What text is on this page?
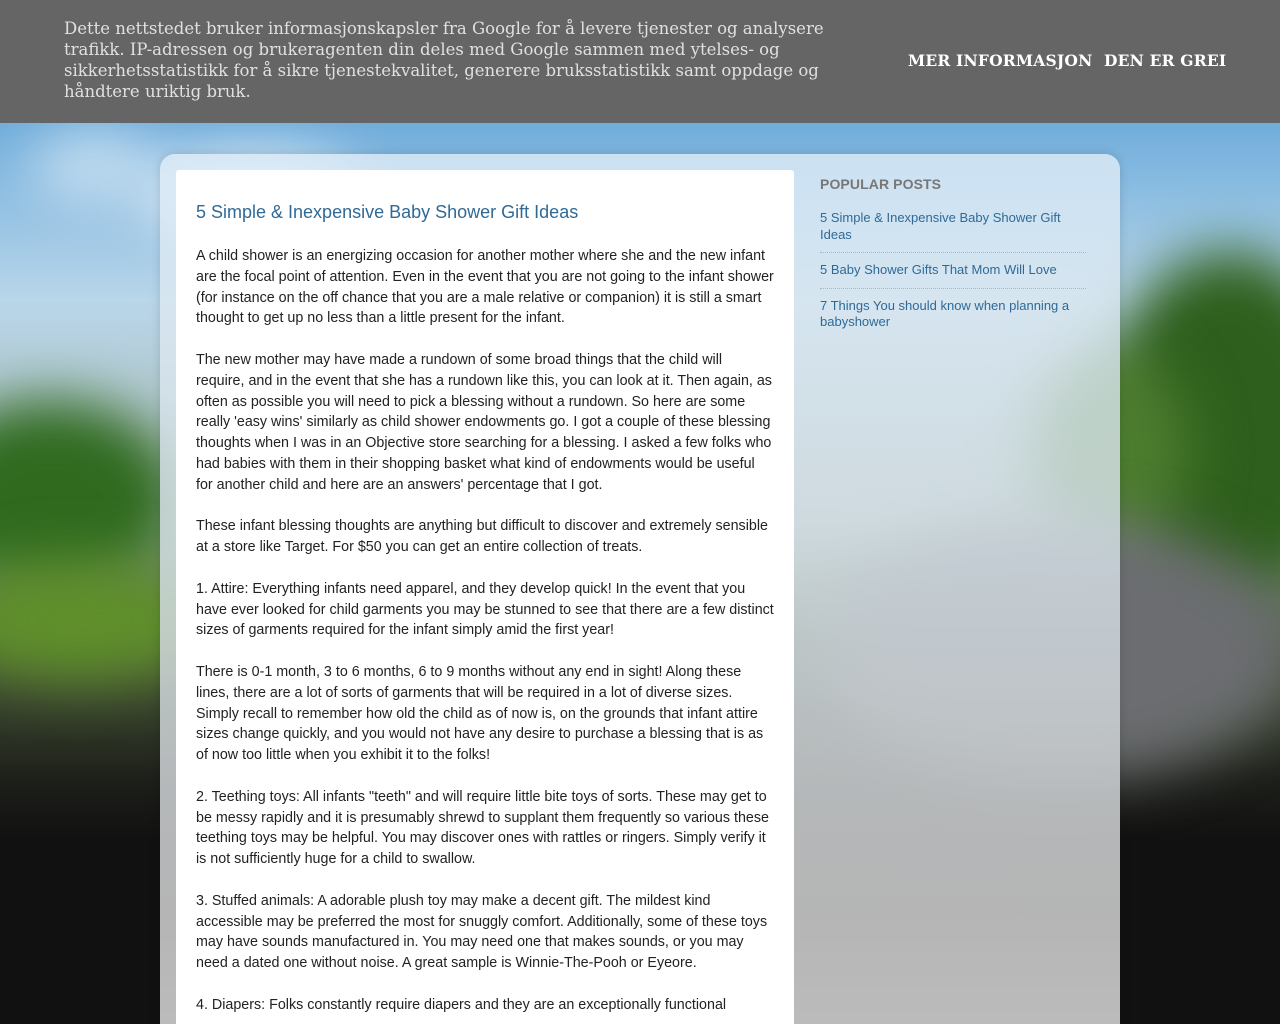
Dette nettstedet bruker informasjonskapsler fra Google for å levere tjenester og analysere trafikk. IP-adressen og brukeragenten din deles med Google sammen med ytelses- og sikkerhetsstatistikk for å sikre tjenestekvalitet, generere bruksstatistikk samt oppdage og håndtere uriktig bruk.

MER INFORMASJON DEN ER GREI
5 Simple & Inexpensive Baby Shower Gift Ideas

A child shower is an energizing occasion for another mother where she and the new infant are the focal point of attention. Even in the event that you are not going to the infant shower (for instance on the off chance that you are a male relative or companion) it is still a smart thought to get up no less than a little present for the infant.

The new mother may have made a rundown of some broad things that the child will require, and in the event that she has a rundown like this, you can look at it. Then again, as often as possible you will need to pick a blessing without a rundown. So here are some really 'easy wins' similarly as child shower endowments go. I got a couple of these blessing thoughts when I was in an Objective store searching for a blessing. I asked a few folks who had babies with them in their shopping basket what kind of endowments would be useful for another child and here are an answers' percentage that I got.

These infant blessing thoughts are anything but difficult to discover and extremely sensible at a store like Target. For $50 you can get an entire collection of treats.

1. Attire: Everything infants need apparel, and they develop quick! In the event that you have ever looked for child garments you may be stunned to see that there are a few distinct sizes of garments required for the infant simply amid the first year!

There is 0-1 month, 3 to 6 months, 6 to 9 months without any end in sight! Along these lines, there are a lot of sorts of garments that will be required in a lot of diverse sizes. Simply recall to remember how old the child as of now is, on the grounds that infant attire sizes change quickly, and you would not have any desire to purchase a blessing that is as of now too little when you exhibit it to the folks!

2. Teething toys: All infants "teeth" and will require little bite toys of sorts. These may get to be messy rapidly and it is presumably shrewd to supplant them frequently so various these teething toys may be helpful. You may discover ones with rattles or ringers. Simply verify it is not sufficiently huge for a child to swallow.

3. Stuffed animals: A adorable plush toy may make a decent gift. The mildest kind accessible may be preferred the most for snuggly comfort. Additionally, some of these toys may have sounds manufactured in. You may need one that makes sounds, or you may need a dated one without noise. A great sample is Winnie-The-Pooh or Eyeore.

4. Diapers: Folks constantly require diapers and they are an exceptionally functional

POPULAR POSTS
5 Simple & Inexpensive Baby Shower Gift Ideas
5 Baby Shower Gifts That Mom Will Love
7 Things You should know when planning a babyshower
